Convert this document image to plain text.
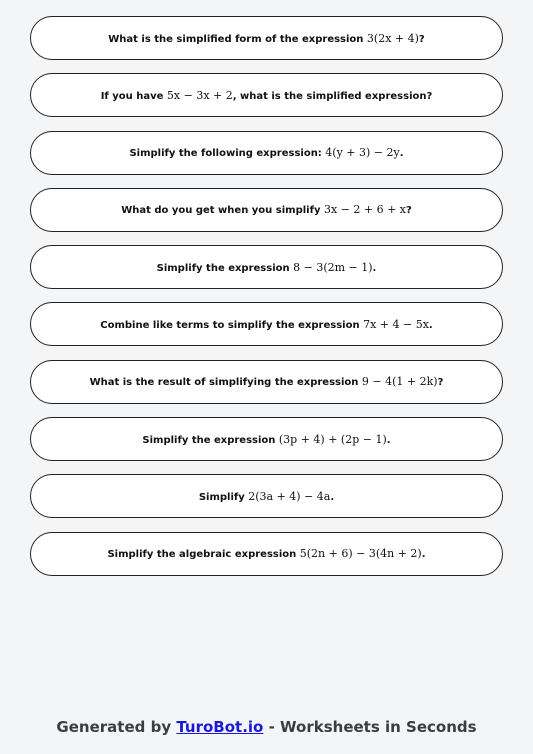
What is the simplified form of the expression 3(2x + 4)?
If you have 5x − 3x + 2, what is the simplified expression?
Simplify the following expression: 4(y + 3) − 2y.
What do you get when you simplify 3x − 2 + 6 + x?
Simplify the expression 8 − 3(2m − 1).
Combine like terms to simplify the expression 7x + 4 − 5x.
What is the result of simplifying the expression 9 − 4(1 + 2k)?
Simplify the expression (3p + 4) + (2p − 1).
Simplify 2(3a + 4) − 4a.
Simplify the algebraic expression 5(2n + 6) − 3(4n + 2).
Generated by TuroBot.io - Worksheets in Seconds
